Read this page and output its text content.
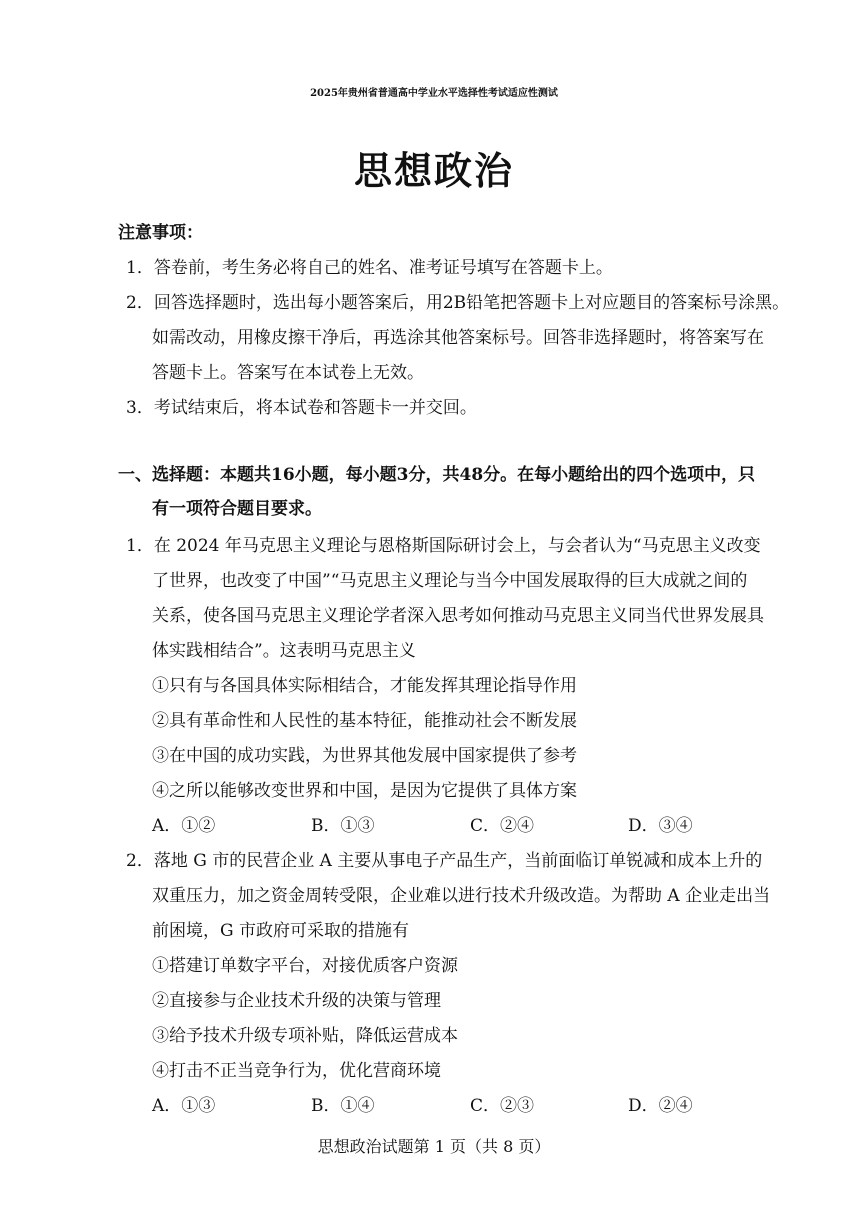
2025年贵州省普通高中学业水平选择性考试适应性测试
思想政治
注意事项：
1．答卷前，考生务必将自己的姓名、准考证号填写在答题卡上。
2．回答选择题时，选出每小题答案后，用2B铅笔把答题卡上对应题目的答案标号涂黑。
如需改动，用橡皮擦干净后，再选涂其他答案标号。回答非选择题时，将答案写在
答题卡上。答案写在本试卷上无效。
3．考试结束后，将本试卷和答题卡一并交回。
一、选择题：本题共16小题，每小题3分，共48分。在每小题给出的四个选项中，只
有一项符合题目要求。
1．在 2024 年马克思主义理论与恩格斯国际研讨会上，与会者认为“马克思主义改变
了世界，也改变了中国”“马克思主义理论与当今中国发展取得的巨大成就之间的
关系，使各国马克思主义理论学者深入思考如何推动马克思主义同当代世界发展具
体实践相结合”。这表明马克思主义
①只有与各国具体实际相结合，才能发挥其理论指导作用
②具有革命性和人民性的基本特征，能推动社会不断发展
③在中国的成功实践，为世界其他发展中国家提供了参考
④之所以能够改变世界和中国，是因为它提供了具体方案
A．①②	B．①③	C．②④	D．③④
2．落地 G 市的民营企业 A 主要从事电子产品生产，当前面临订单锐减和成本上升的
双重压力，加之资金周转受限，企业难以进行技术升级改造。为帮助 A 企业走出当
前困境，G 市政府可采取的措施有
①搭建订单数字平台，对接优质客户资源
②直接参与企业技术升级的决策与管理
③给予技术升级专项补贴，降低运营成本
④打击不正当竞争行为，优化营商环境
A．①③	B．①④	C．②③	D．②④
思想政治试题第 1 页（共 8 页）
